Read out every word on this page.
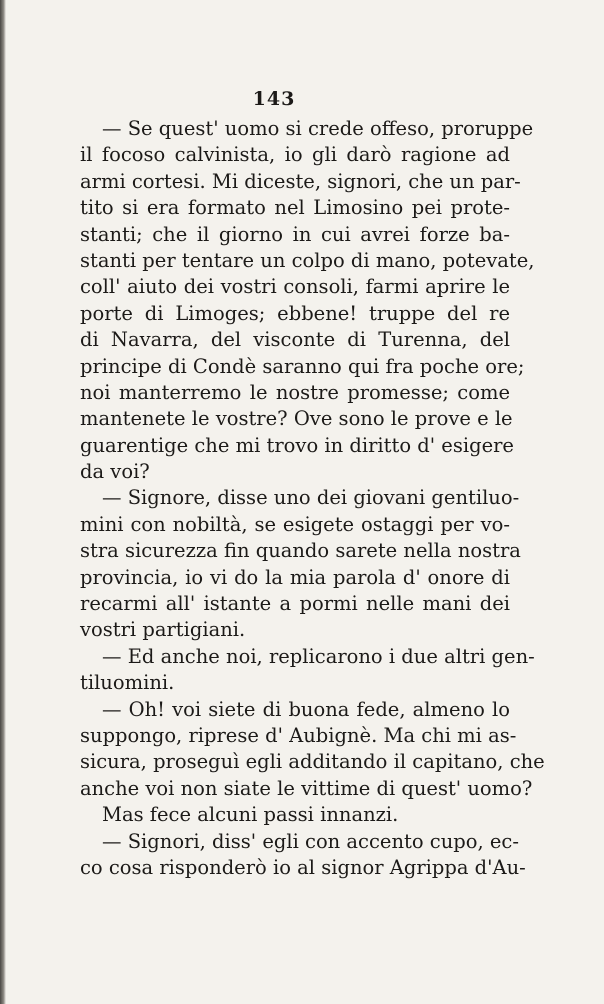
143
— Se quest' uomo si crede offeso, proruppe
il focoso calvinista, io gli darò ragione ad
armi cortesi. Mi diceste, signori, che un par-
tito si era formato nel Limosino pei prote-
stanti; che il giorno in cui avrei forze ba-
stanti per tentare un colpo di mano, potevate,
coll' aiuto dei vostri consoli, farmi aprire le
porte di Limoges; ebbene! truppe del re
di Navarra, del visconte di Turenna, del
principe di Condè saranno qui fra poche ore;
noi manterremo le nostre promesse; come
mantenete le vostre? Ove sono le prove e le
guarentige che mi trovo in diritto d' esigere
da voi?
— Signore, disse uno dei giovani gentiluo-
mini con nobiltà, se esigete ostaggi per vo-
stra sicurezza fin quando sarete nella nostra
provincia, io vi do la mia parola d' onore di
recarmi all' istante a pormi nelle mani dei
vostri partigiani.
— Ed anche noi, replicarono i due altri gen-
tiluomini.
— Oh! voi siete di buona fede, almeno lo
suppongo, riprese d' Aubignè. Ma chi mi as-
sicura, proseguì egli additando il capitano, che
anche voi non siate le vittime di quest' uomo?
Mas fece alcuni passi innanzi.
— Signori, diss' egli con accento cupo, ec-
co cosa risponderò io al signor Agrippa d'Au-
